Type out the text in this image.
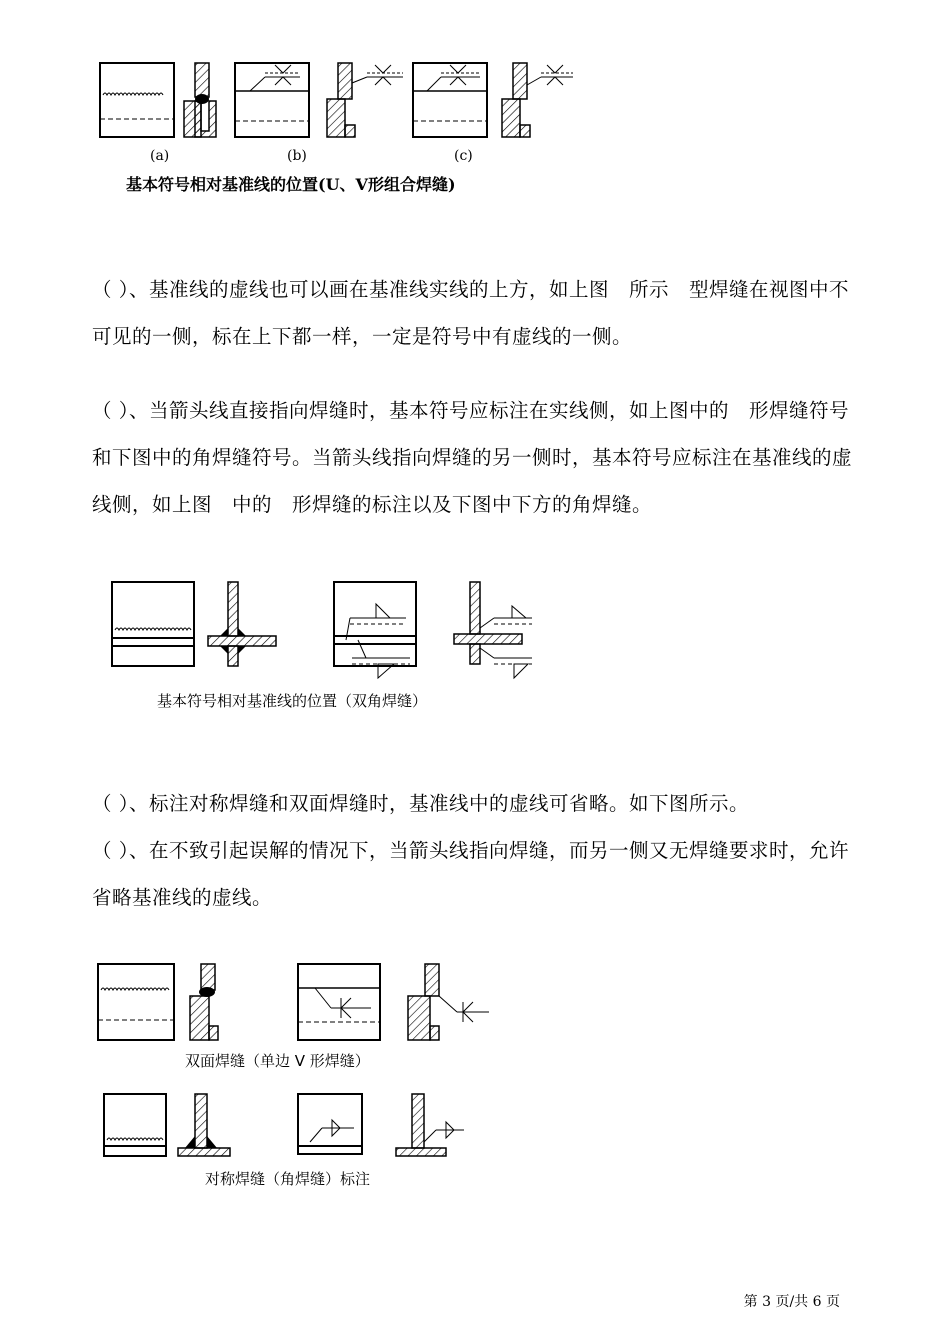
(a)	(b)	(c)
基本符号相对基准线的位置(U、V形组合焊缝)
（ ）、基准线的虚线也可以画在基准线实线的上方，如上图　所示　型焊缝在视图中不可见的一侧，标在上下都一样，一定是符号中有虚线的一侧。
（ ）、当箭头线直接指向焊缝时，基本符号应标注在实线侧，如上图中的　形焊缝符号和下图中的角焊缝符号。当箭头线指向焊缝的另一侧时，基本符号应标注在基准线的虚线侧，如上图　中的　形焊缝的标注以及下图中下方的角焊缝。
基本符号相对基准线的位置（双角焊缝）
（ ）、标注对称焊缝和双面焊缝时，基准线中的虚线可省略。如下图所示。
（ ）、在不致引起误解的情况下，当箭头线指向焊缝，而另一侧又无焊缝要求时，允许省略基准线的虚线。
双面焊缝（单边 V 形焊缝）
对称焊缝（角焊缝）标注
第 3 页/共 6 页
